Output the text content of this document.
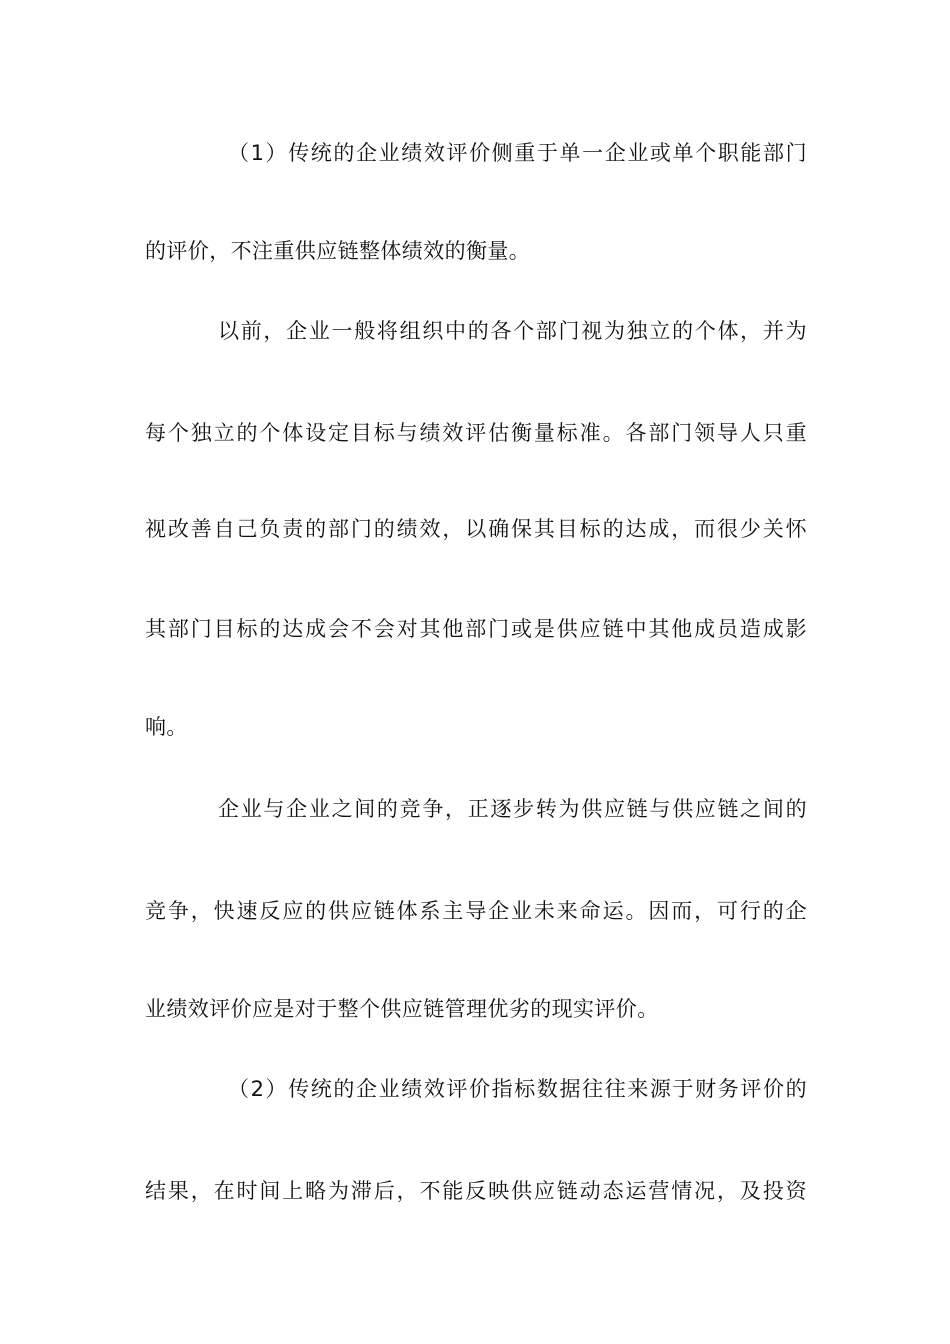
（1）传统的企业绩效评价侧重于单一企业或单个职能部门
的评价，不注重供应链整体绩效的衡量。
以前，企业一般将组织中的各个部门视为独立的个体，并为
每个独立的个体设定目标与绩效评估衡量标准。各部门领导人只重
视改善自己负责的部门的绩效，以确保其目标的达成，而很少关怀
其部门目标的达成会不会对其他部门或是供应链中其他成员造成影
响。
企业与企业之间的竞争，正逐步转为供应链与供应链之间的
竞争，快速反应的供应链体系主导企业未来命运。因而，可行的企
业绩效评价应是对于整个供应链管理优劣的现实评价。
（2）传统的企业绩效评价指标数据往往来源于财务评价的
结果，在时间上略为滞后，不能反映供应链动态运营情况，及投资
